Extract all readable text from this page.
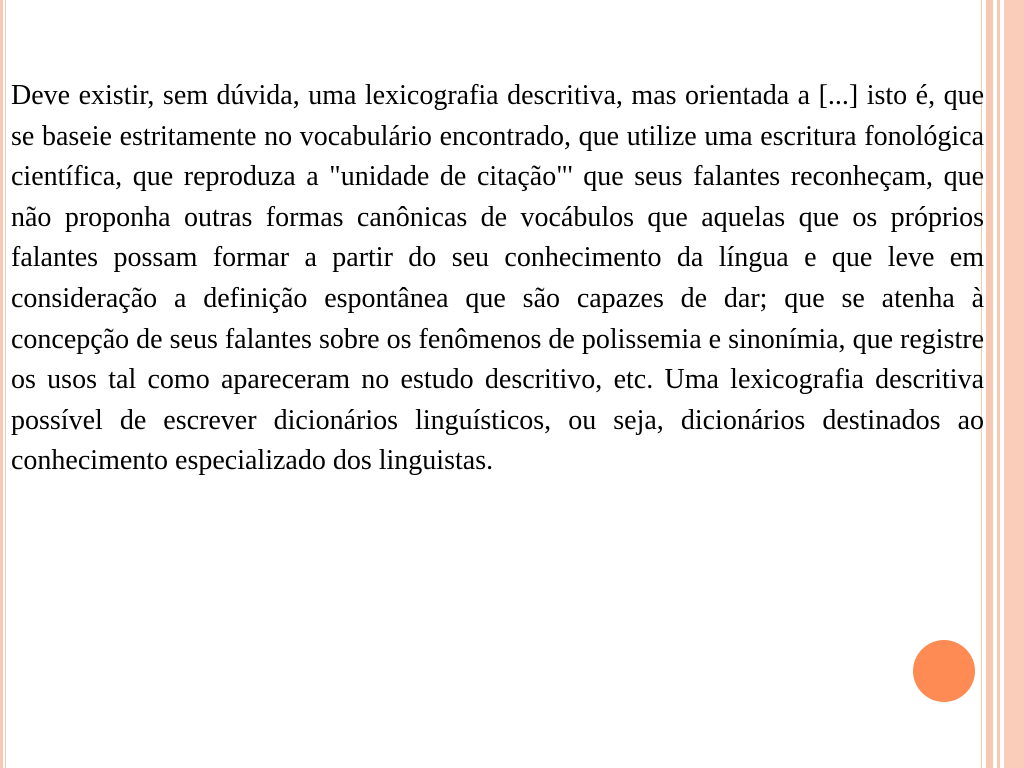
Deve existir, sem dúvida, uma lexicografia descritiva, mas orientada a [...] isto é, que se baseie estritamente no vocabulário encontrado, que utilize uma escritura fonológica científica, que reproduza a "unidade de citação"' que seus falantes reconheçam, que não proponha outras formas canônicas de vocábulos que aquelas que os próprios falantes possam formar a partir do seu conhecimento da língua e que leve em consideração a definição espontânea que são capazes de dar; que se atenha à concepção de seus falantes sobre os fenômenos de polissemia e sinonímia, que registre os usos tal como apareceram no estudo descritivo, etc. Uma lexicografia descritiva possível de escrever dicionários linguísticos, ou seja, dicionários destinados ao conhecimento especializado dos linguistas.
